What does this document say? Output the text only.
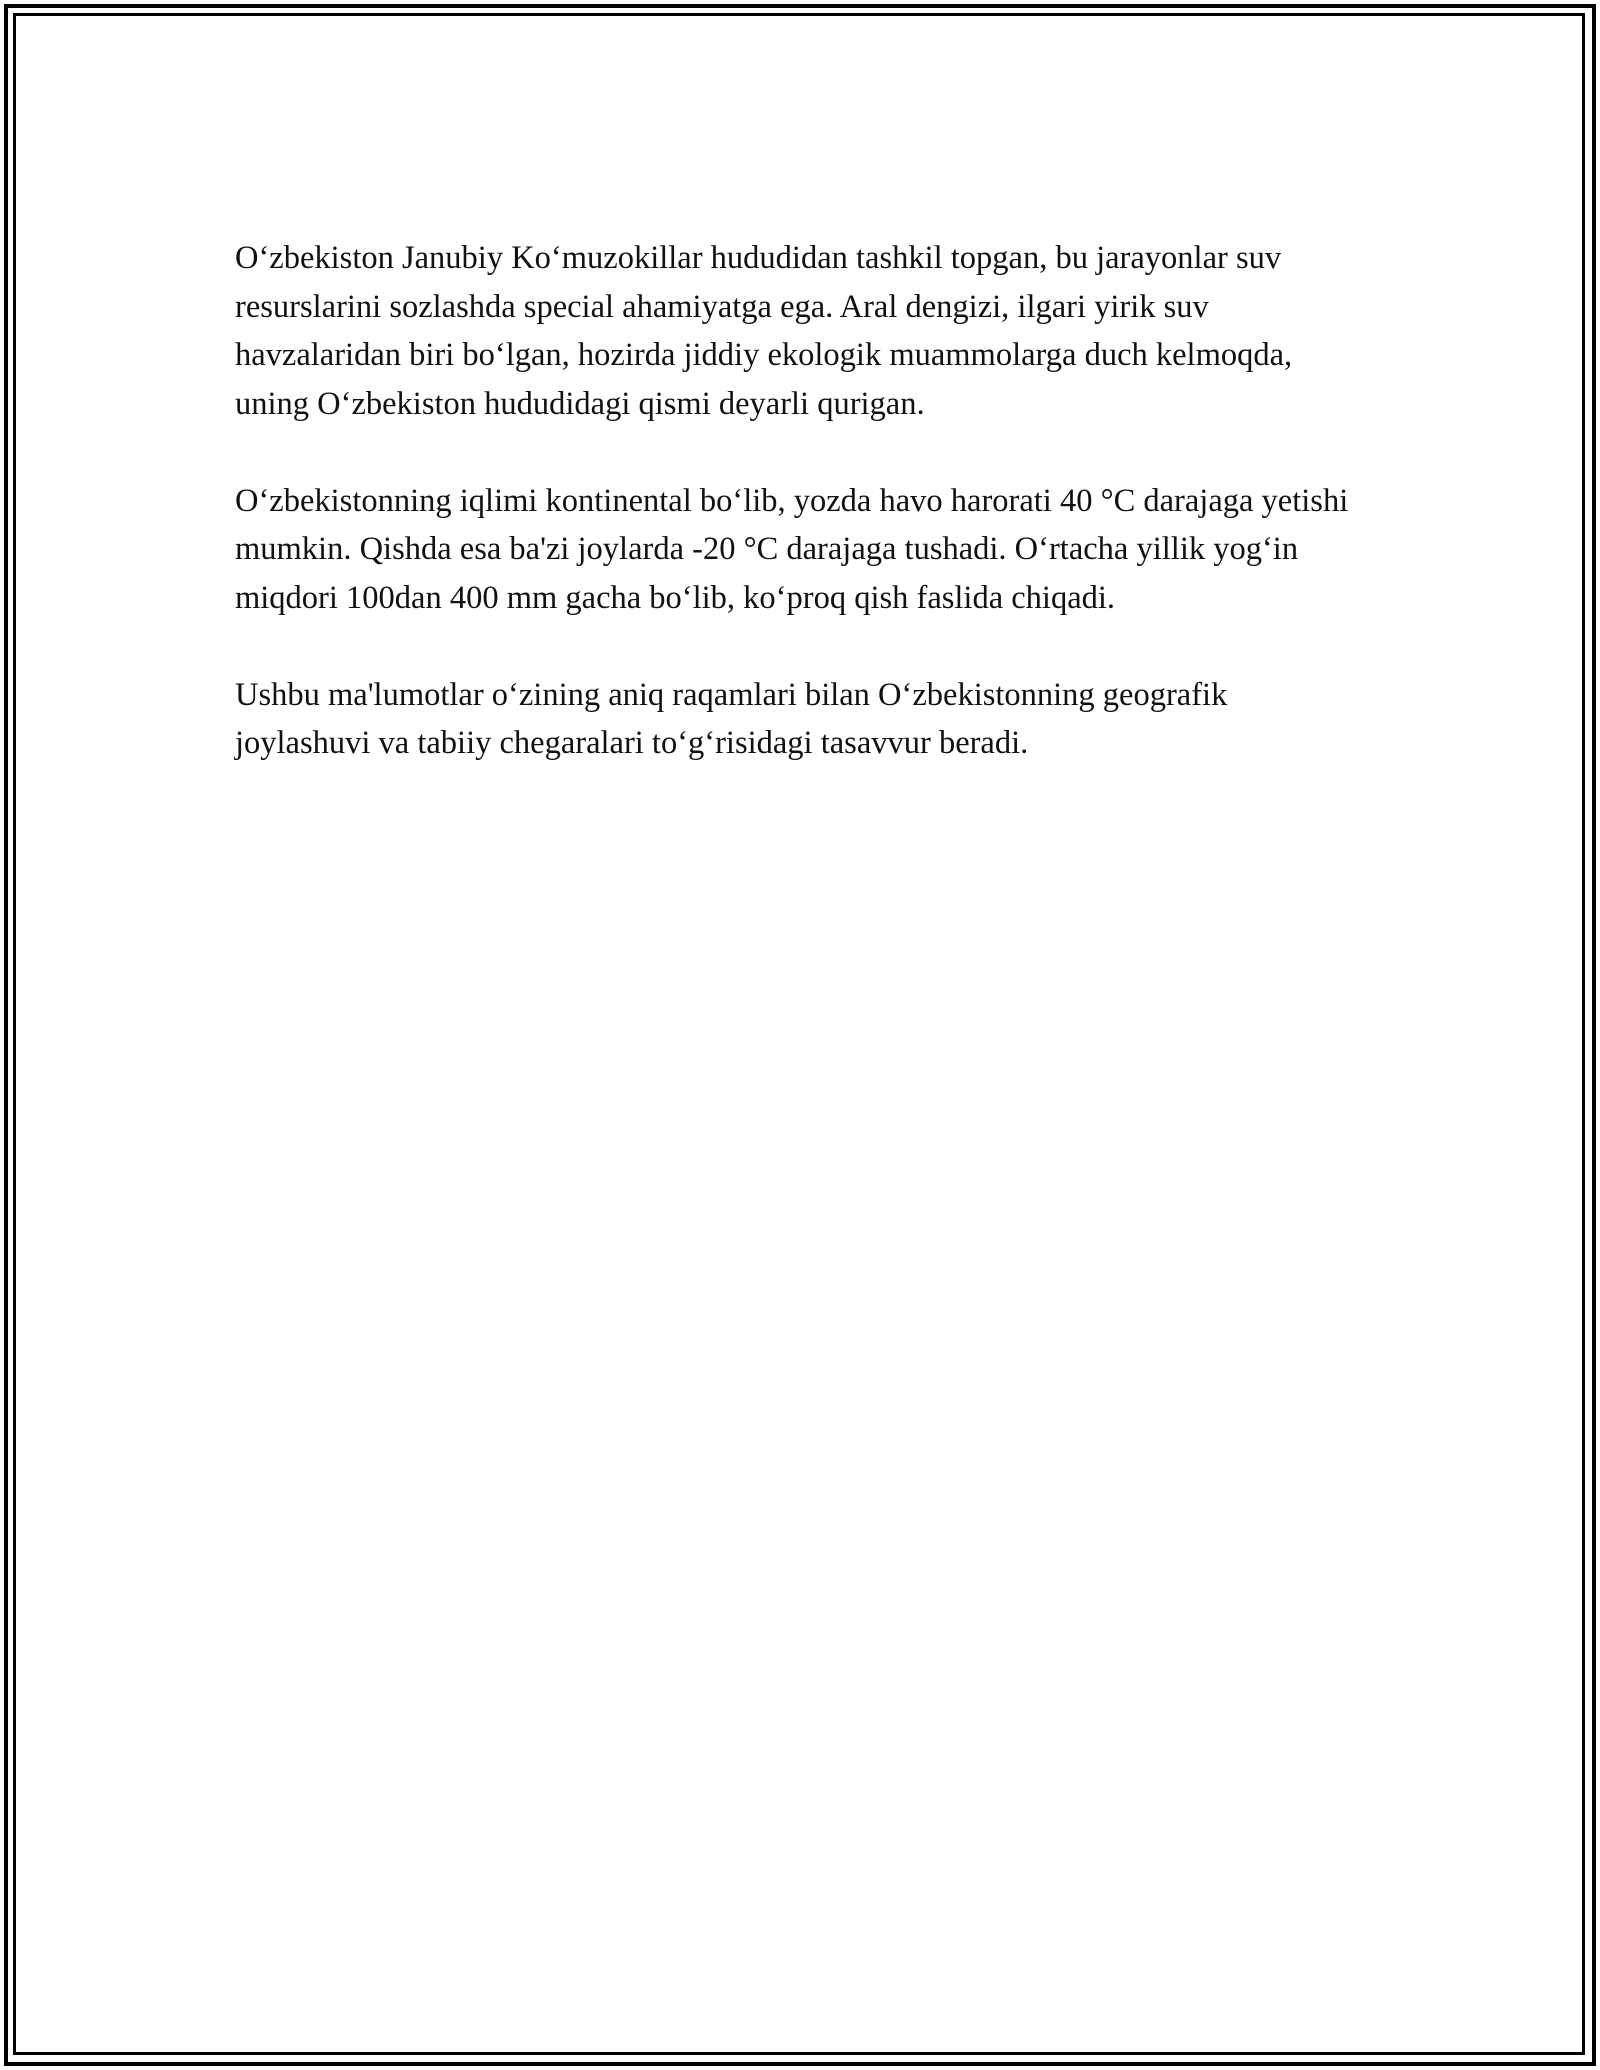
O‘zbekiston Janubiy Ko‘muzokillar hududidan tashkil topgan, bu jarayonlar suv resurslarini sozlashda special ahamiyatga ega. Aral dengizi, ilgari yirik suv havzalaridan biri bo‘lgan, hozirda jiddiy ekologik muammolarga duch kelmoqda, uning O‘zbekiston hududidagi qismi deyarli qurigan.

O‘zbekistonning iqlimi kontinental bo‘lib, yozda havo harorati 40 °C darajaga yetishi mumkin. Qishda esa ba'zi joylarda -20 °C darajaga tushadi. O‘rtacha yillik yog‘in miqdori 100dan 400 mm gacha bo‘lib, ko‘proq qish faslida chiqadi.

Ushbu ma'lumotlar o‘zining aniq raqamlari bilan O‘zbekistonning geografik joylashuvi va tabiiy chegaralari to‘g‘risidagi tasavvur beradi.
